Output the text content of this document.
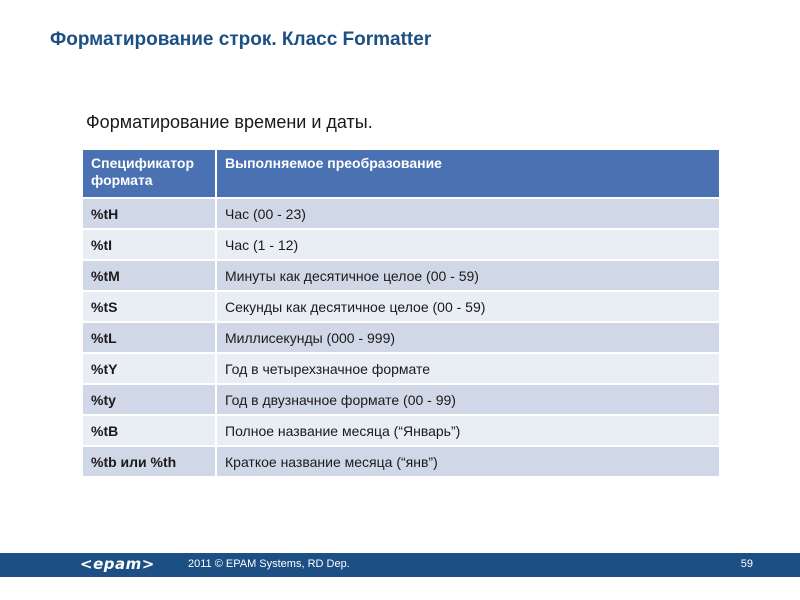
Форматирование строк. Класс Formatter
Форматирование времени и даты.
Спецификатор формата	Выполняемое преобразование
%tH	Час (00 - 23)
%tI	Час (1 - 12)
%tM	Минуты как десятичное целое (00 - 59)
%tS	Секунды как десятичное целое (00 - 59)
%tL	Миллисекунды (000 - 999)
%tY	Год в четырехзначное формате
%ty	Год в двузначное формате (00 - 99)
%tB	Полное название месяца (“Январь”)
%tb или %th	Краткое название месяца (“янв”)
<epam>	2011 © EPAM Systems, RD Dep.	59
